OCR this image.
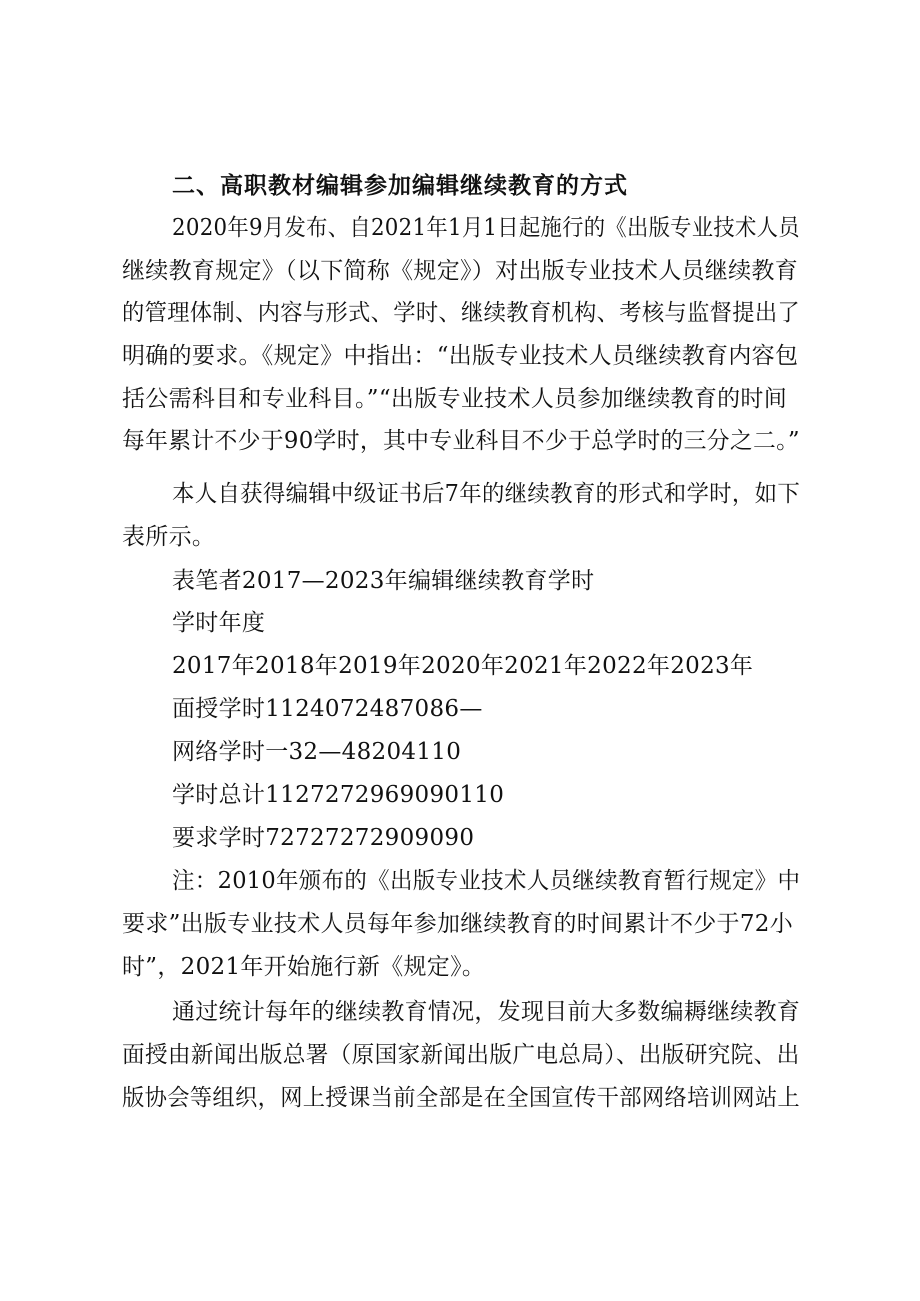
二、高职教材编辑参加编辑继续教育的方式
2020年9月发布、自2021年1月1日起施行的《出版专业技术人员
继续教育规定》（以下简称《规定》）对出版专业技术人员继续教育
的管理体制、内容与形式、学时、继续教育机构、考核与监督提出了
明确的要求。《规定》中指出：“出版专业技术人员继续教育内容包
括公需科目和专业科目。”“出版专业技术人员参加继续教育的时间
每年累计不少于90学时，其中专业科目不少于总学时的三分之二。”
本人自获得编辑中级证书后7年的继续教育的形式和学时，如下
表所示。
表笔者2017—2023年编辑继续教育学时
学时年度
2017年2018年2019年2020年2021年2022年2023年
面授学时1124072487086—
网络学时一32—48204110
学时总计1127272969090110
要求学时72727272909090
注：2010年颁布的《出版专业技术人员继续教育暂行规定》中
要求”出版专业技术人员每年参加继续教育的时间累计不少于72小
时”，2021年开始施行新《规定》。
通过统计每年的继续教育情况，发现目前大多数编耨继续教育
面授由新闻出版总署（原国家新闻出版广电总局）、出版研究院、出
版协会等组织，网上授课当前全部是在全国宣传干部网络培训网站上
